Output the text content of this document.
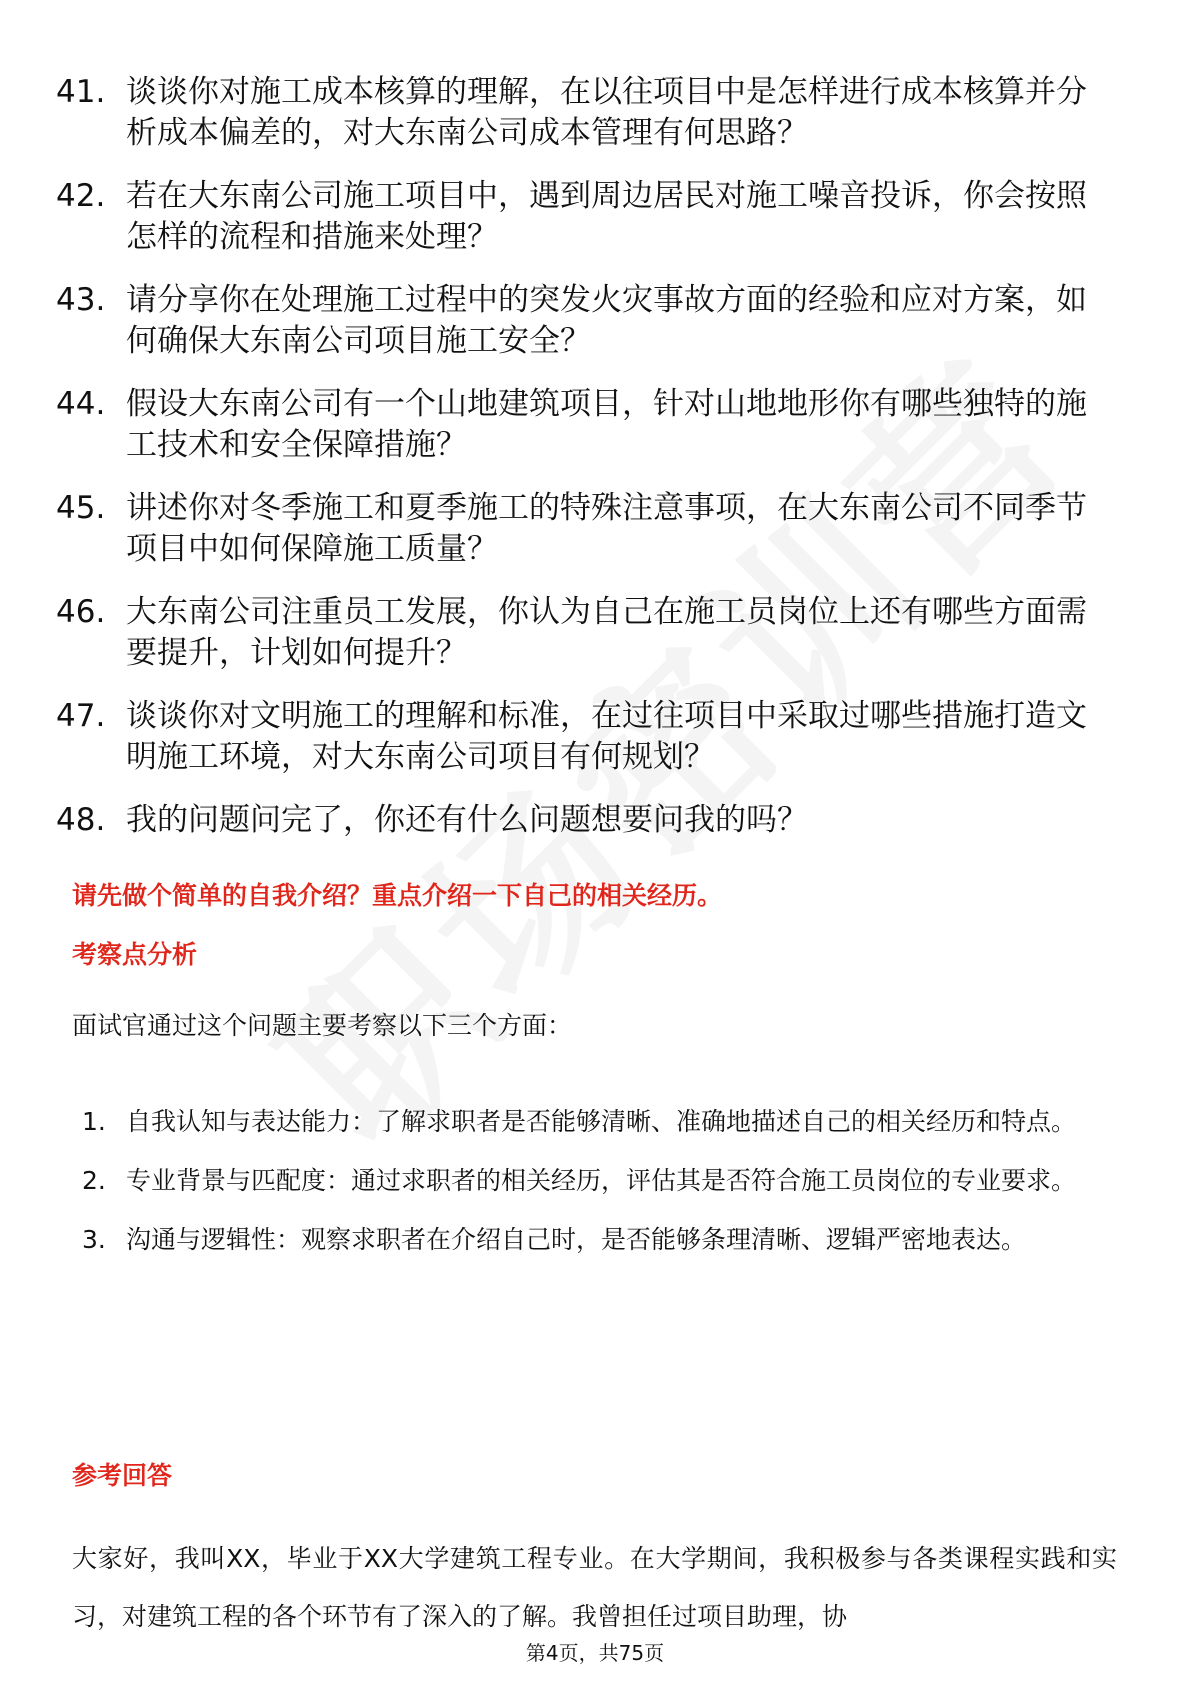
41. 谈谈你对施工成本核算的理解，在以往项目中是怎样进行成本核算并分析成本偏差的，对大东南公司成本管理有何思路？
42. 若在大东南公司施工项目中，遇到周边居民对施工噪音投诉，你会按照怎样的流程和措施来处理？
43. 请分享你在处理施工过程中的突发火灾事故方面的经验和应对方案，如何确保大东南公司项目施工安全？
44. 假设大东南公司有一个山地建筑项目，针对山地地形你有哪些独特的施工技术和安全保障措施？
45. 讲述你对冬季施工和夏季施工的特殊注意事项，在大东南公司不同季节项目中如何保障施工质量？
46. 大东南公司注重员工发展，你认为自己在施工员岗位上还有哪些方面需要提升，计划如何提升？
47. 谈谈你对文明施工的理解和标准，在过往项目中采取过哪些措施打造文明施工环境，对大东南公司项目有何规划？
48. 我的问题问完了，你还有什么问题想要问我的吗？
请先做个简单的自我介绍？重点介绍一下自己的相关经历。
考察点分析
面试官通过这个问题主要考察以下三个方面：
1. 自我认知与表达能力：了解求职者是否能够清晰、准确地描述自己的相关经历和特点。
2. 专业背景与匹配度：通过求职者的相关经历，评估其是否符合施工员岗位的专业要求。
3. 沟通与逻辑性：观察求职者在介绍自己时，是否能够条理清晰、逻辑严密地表达。
参考回答
大家好，我叫XX，毕业于XX大学建筑工程专业。在大学期间，我积极参与各类课程实践和实习，对建筑工程的各个环节有了深入的了解。我曾担任过项目助理，协
第4页，共75页
